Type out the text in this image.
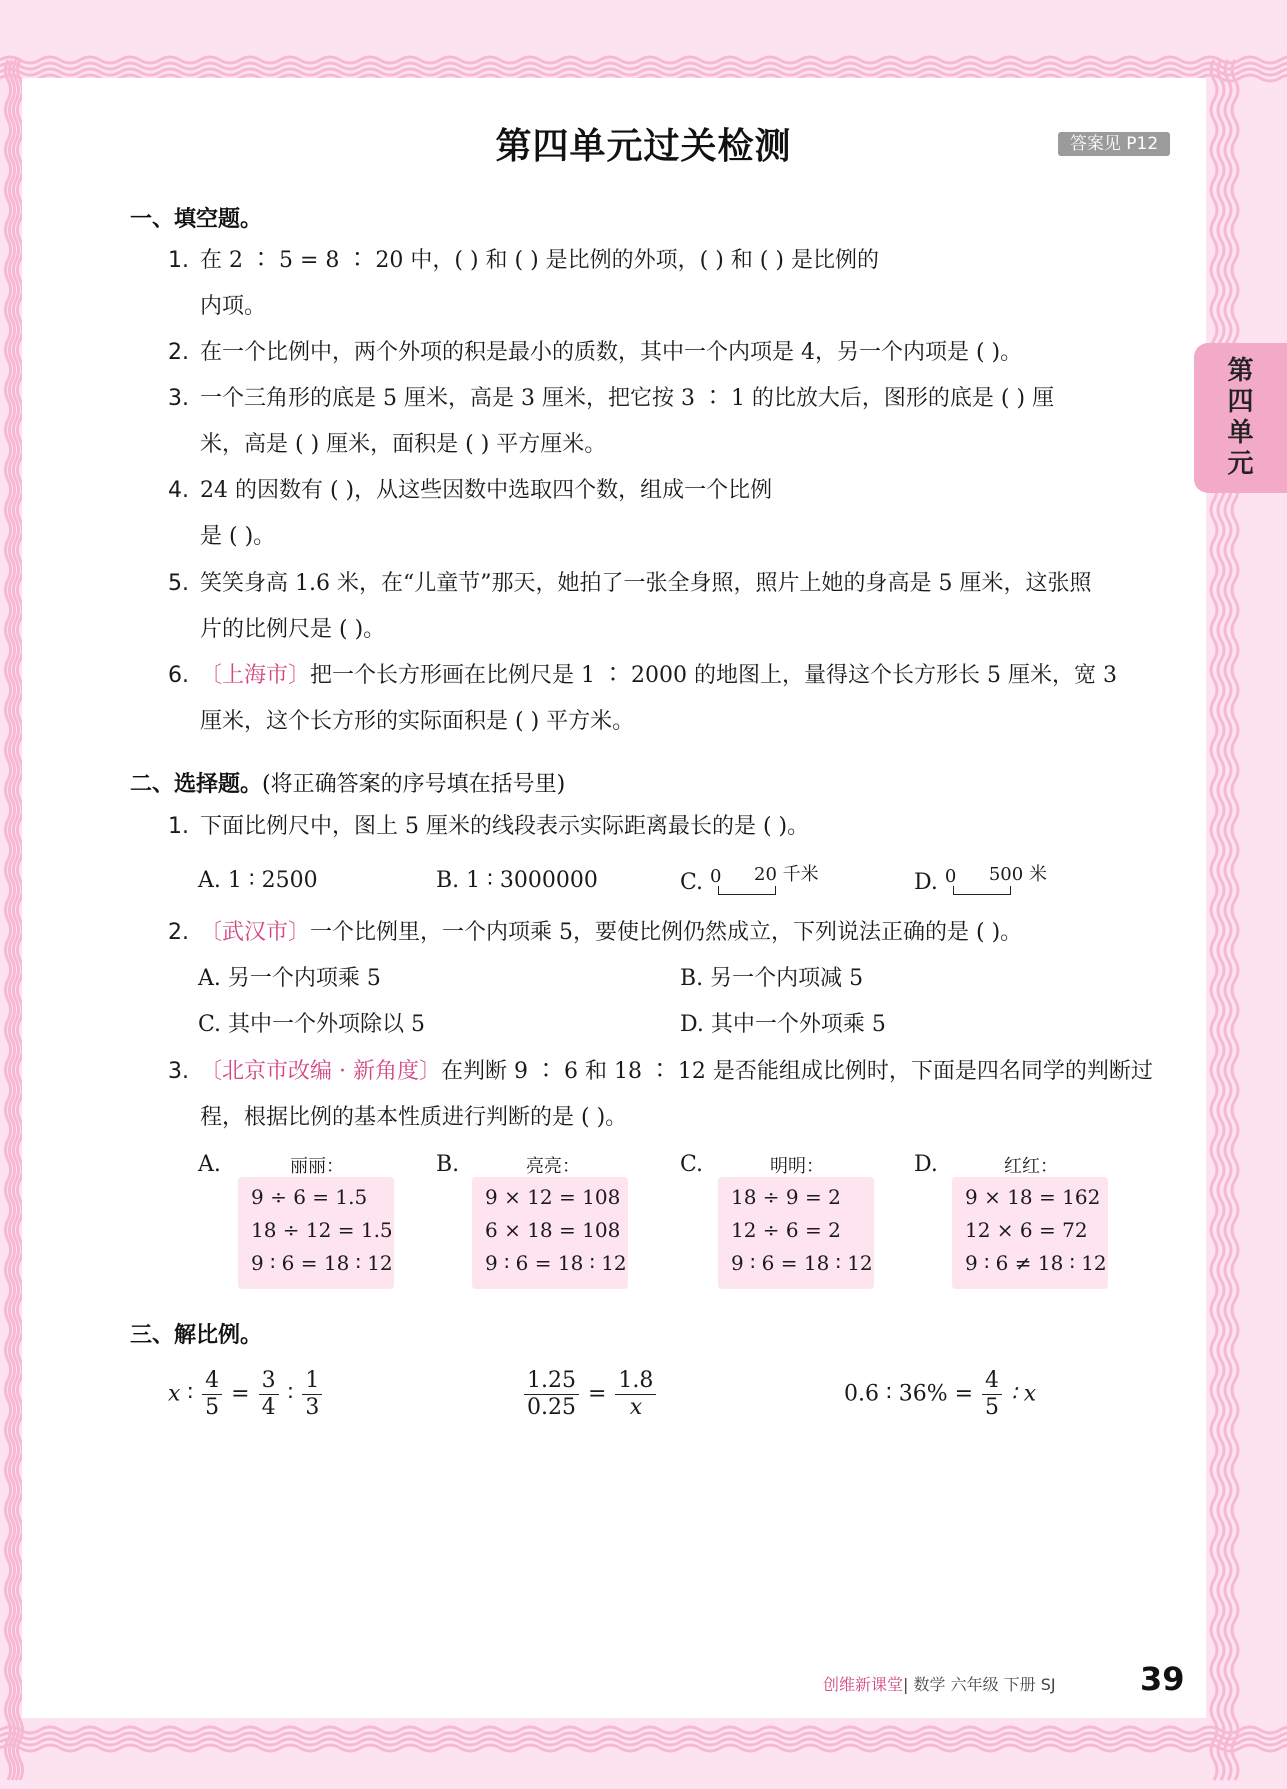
第四单元过关检测	答案见 P12
第
四
单
元
一、填空题。
1. 在 2 ∶ 5 = 8 ∶ 20 中，( ) 和 ( ) 是比例的外项，( ) 和 ( ) 是比例的
内项。
2. 在一个比例中，两个外项的积是最小的质数，其中一个内项是 4，另一个内项是 ( )。
3. 一个三角形的底是 5 厘米，高是 3 厘米，把它按 3 ∶ 1 的比放大后，图形的底是 ( ) 厘
米，高是 ( ) 厘米，面积是 ( ) 平方厘米。
4. 24 的因数有 ( )，从这些因数中选取四个数，组成一个比例
是 ( )。
5. 笑笑身高 1.6 米，在“儿童节”那天，她拍了一张全身照，照片上她的身高是 5 厘米，这张照
片的比例尺是 ( )。
6. 〔上海市〕把一个长方形画在比例尺是 1 ∶ 2000 的地图上，量得这个长方形长 5 厘米，宽 3
厘米，这个长方形的实际面积是 ( ) 平方米。
二、选择题。(将正确答案的序号填在括号里)
1. 下面比例尺中，图上 5 厘米的线段表示实际距离最长的是 ( )。
A. 1 ∶ 2500	B. 1 ∶ 3000000	C. 0 20 千米	D. 0 500 米
2. 〔武汉市〕一个比例里，一个内项乘 5，要使比例仍然成立，下列说法正确的是 ( )。
A. 另一个内项乘 5	B. 另一个内项减 5
C. 其中一个外项除以 5	D. 其中一个外项乘 5
3. 〔北京市改编 · 新角度〕在判断 9 ∶ 6 和 18 ∶ 12 是否能组成比例时，下面是四名同学的判断过
程，根据比例的基本性质进行判断的是 ( )。
A.	丽丽：
9 ÷ 6 = 1.5
18 ÷ 12 = 1.5
9 ∶ 6 = 18 ∶ 12
B.	亮亮：
9 × 12 = 108
6 × 18 = 108
9 ∶ 6 = 18 ∶ 12
C.	明明：
18 ÷ 9 = 2
12 ÷ 6 = 2
9 ∶ 6 = 18 ∶ 12
D.	红红：
9 × 18 = 162
12 × 6 = 72
9 ∶ 6 ≠ 18 ∶ 12
三、解比例。
x ∶ $\frac{4}{5} = \frac{3}{4}$ ∶ $\frac{1}{3}$	$\frac{1.25}{0.25} = \frac{1.8}{x}$	0.6 ∶ $36\% = \frac{4}{5}$ ∶ x
创维新课堂| 数学 六年级 下册 SJ	39
